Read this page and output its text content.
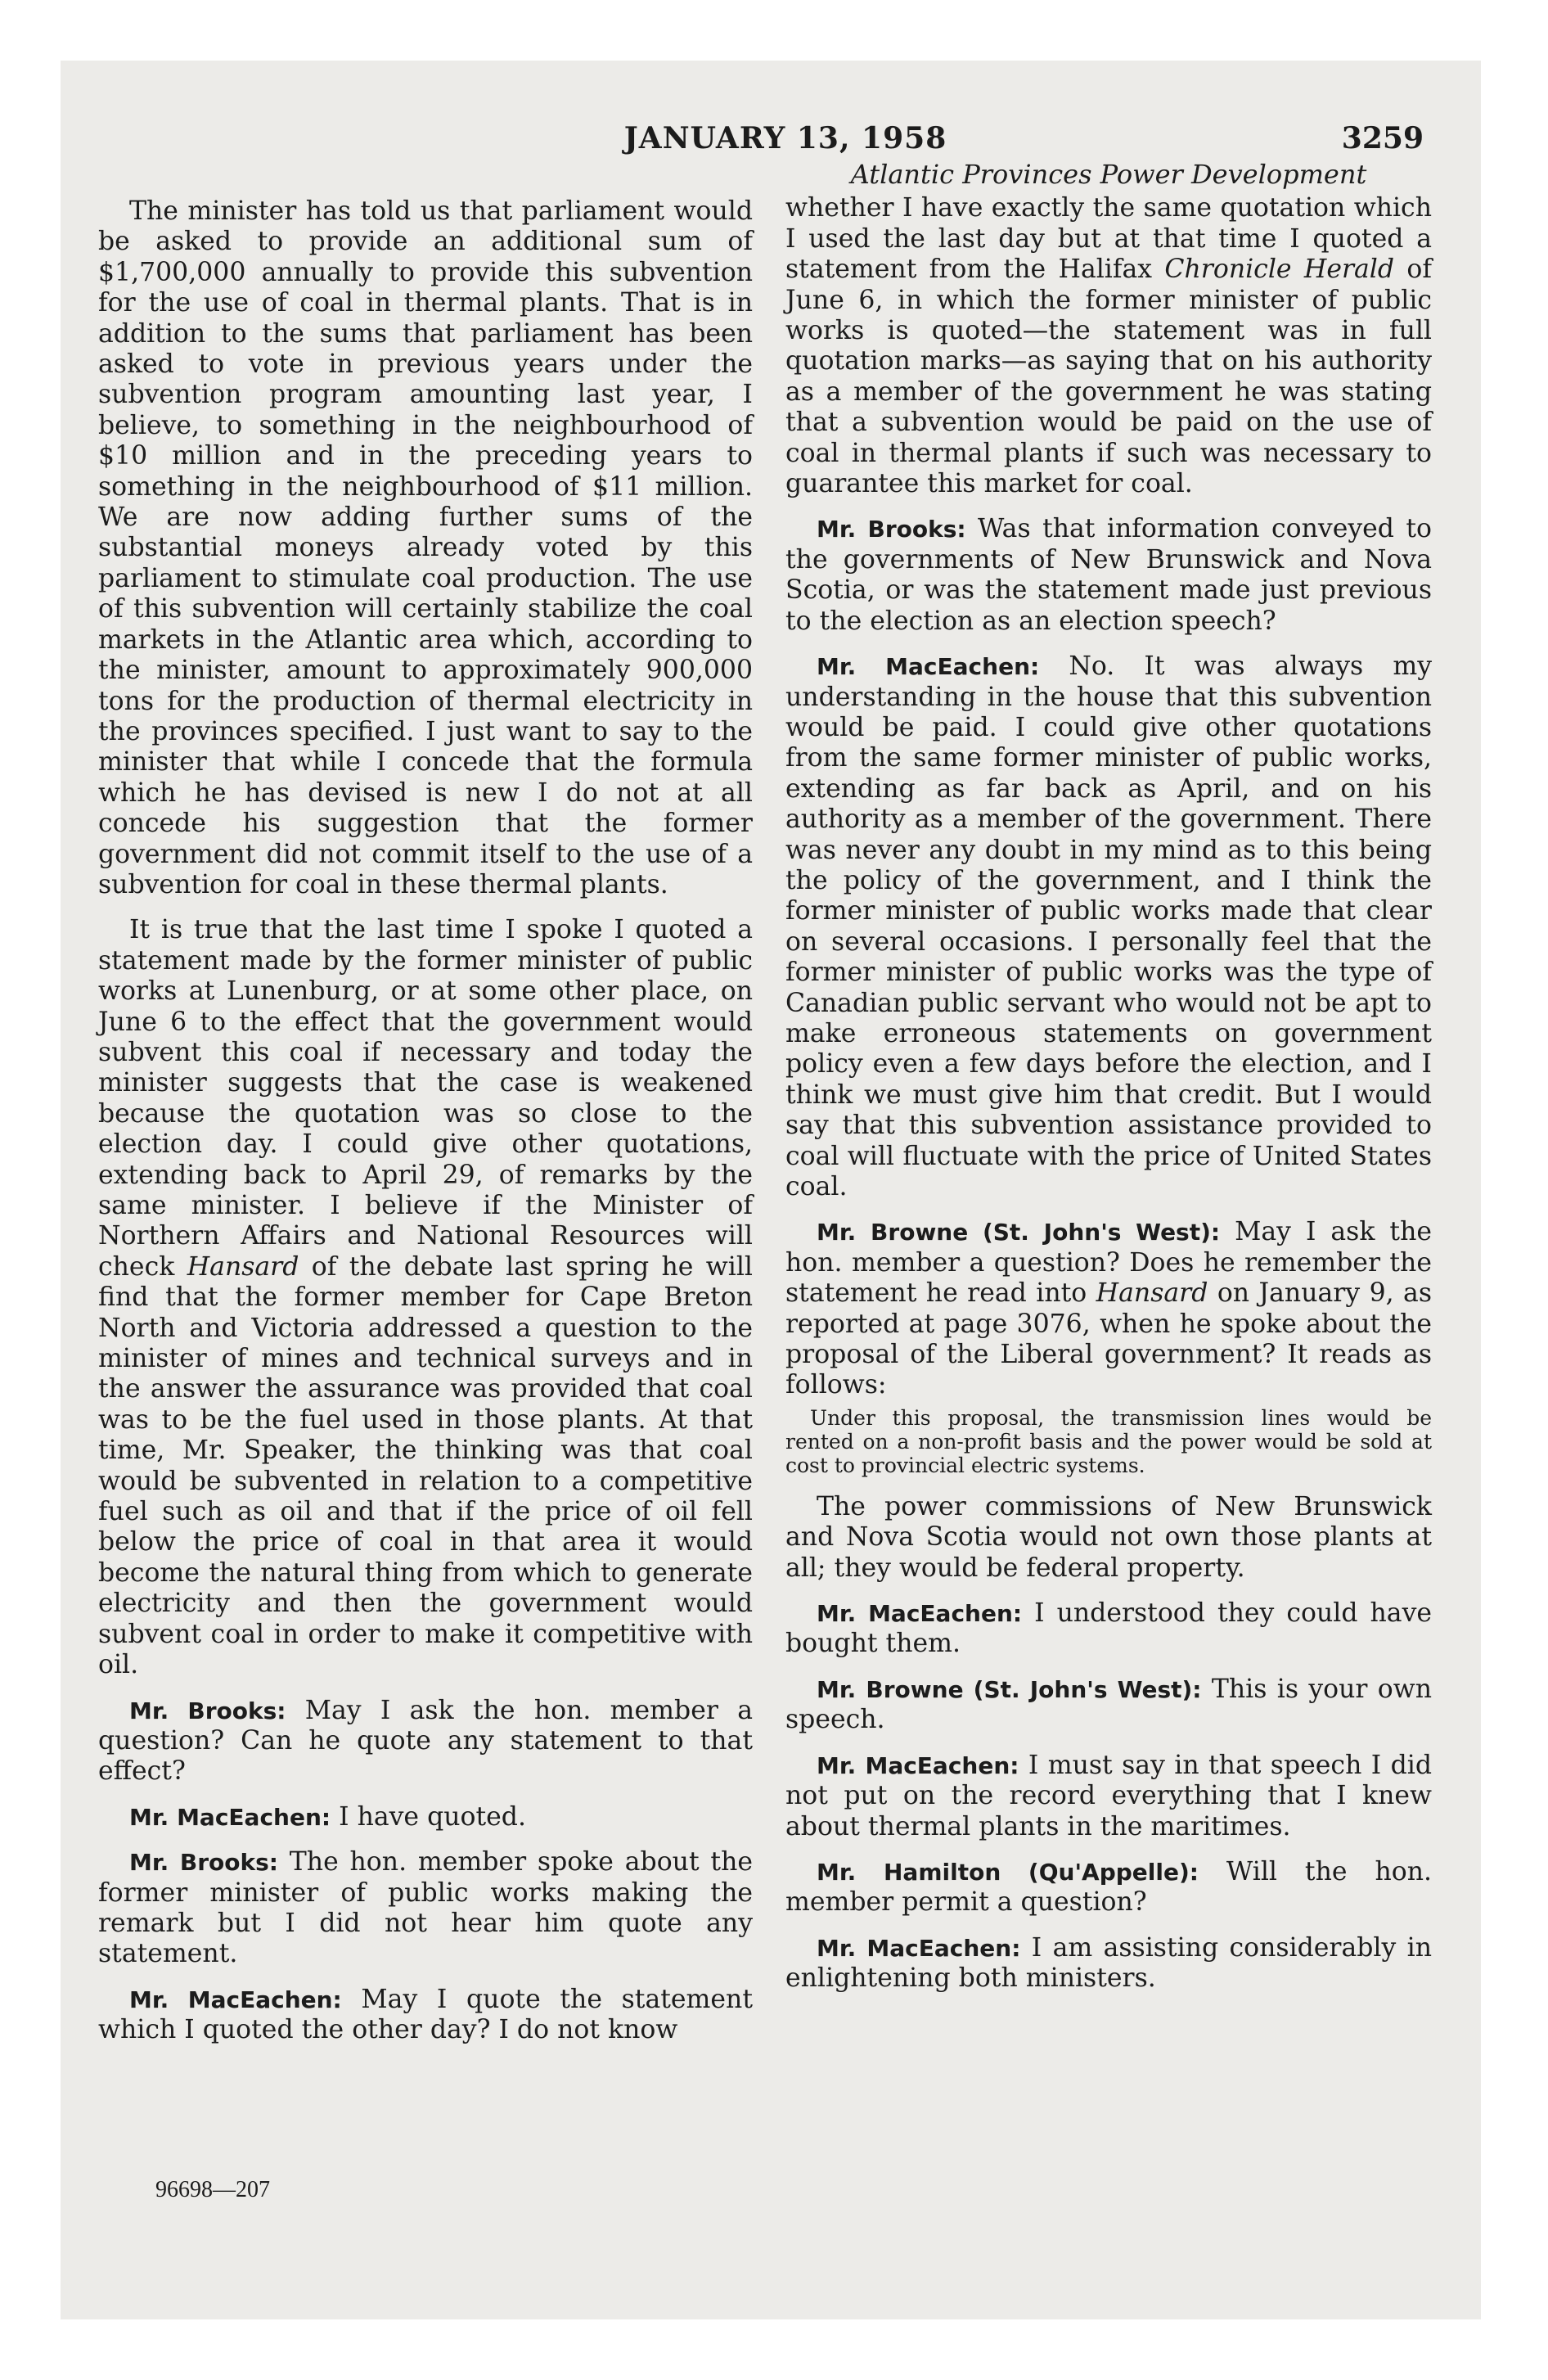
JANUARY 13, 1958	3259

The minister has told us that parliament would be asked to provide an additional sum of $1,700,000 annually to provide this subvention for the use of coal in thermal plants. That is in addition to the sums that parliament has been asked to vote in previous years under the subvention program amounting last year, I believe, to something in the neighbourhood of $10 million and in the preceding years to something in the neighbourhood of $11 million. We are now adding further sums of the substantial moneys already voted by this parliament to stimulate coal production. The use of this subvention will certainly stabilize the coal markets in the Atlantic area which, according to the minister, amount to approximately 900,000 tons for the production of thermal electricity in the provinces specified. I just want to say to the minister that while I concede that the formula which he has devised is new I do not at all concede his suggestion that the former government did not commit itself to the use of a subvention for coal in these thermal plants.

It is true that the last time I spoke I quoted a statement made by the former minister of public works at Lunenburg, or at some other place, on June 6 to the effect that the government would subvent this coal if necessary and today the minister suggests that the case is weakened because the quotation was so close to the election day. I could give other quotations, extending back to April 29, of remarks by the same minister. I believe if the Minister of Northern Affairs and National Resources will check Hansard of the debate last spring he will find that the former member for Cape Breton North and Victoria addressed a question to the minister of mines and technical surveys and in the answer the assurance was provided that coal was to be the fuel used in those plants. At that time, Mr. Speaker, the thinking was that coal would be subvented in relation to a competitive fuel such as oil and that if the price of oil fell below the price of coal in that area it would become the natural thing from which to generate electricity and then the government would subvent coal in order to make it competitive with oil.

Mr. Brooks: May I ask the hon. member a question? Can he quote any statement to that effect?

Mr. MacEachen: I have quoted.

Mr. Brooks: The hon. member spoke about the former minister of public works making the remark but I did not hear him quote any statement.

Mr. MacEachen: May I quote the statement which I quoted the other day? I do not know

Atlantic Provinces Power Development

whether I have exactly the same quotation which I used the last day but at that time I quoted a statement from the Halifax Chronicle Herald of June 6, in which the former minister of public works is quoted—the statement was in full quotation marks—as saying that on his authority as a member of the government he was stating that a subvention would be paid on the use of coal in thermal plants if such was necessary to guarantee this market for coal.

Mr. Brooks: Was that information conveyed to the governments of New Brunswick and Nova Scotia, or was the statement made just previous to the election as an election speech?

Mr. MacEachen: No. It was always my understanding in the house that this subvention would be paid. I could give other quotations from the same former minister of public works, extending as far back as April, and on his authority as a member of the government. There was never any doubt in my mind as to this being the policy of the government, and I think the former minister of public works made that clear on several occasions. I personally feel that the former minister of public works was the type of Canadian public servant who would not be apt to make erroneous statements on government policy even a few days before the election, and I think we must give him that credit. But I would say that this subvention assistance provided to coal will fluctuate with the price of United States coal.

Mr. Browne (St. John's West): May I ask the hon. member a question? Does he remember the statement he read into Hansard on January 9, as reported at page 3076, when he spoke about the proposal of the Liberal government? It reads as follows:

Under this proposal, the transmission lines would be rented on a non-profit basis and the power would be sold at cost to provincial electric systems.

The power commissions of New Brunswick and Nova Scotia would not own those plants at all; they would be federal property.

Mr. MacEachen: I understood they could have bought them.

Mr. Browne (St. John's West): This is your own speech.

Mr. MacEachen: I must say in that speech I did not put on the record everything that I knew about thermal plants in the maritimes.

Mr. Hamilton (Qu'Appelle): Will the hon. member permit a question?

Mr. MacEachen: I am assisting considerably in enlightening both ministers.

96698—207
